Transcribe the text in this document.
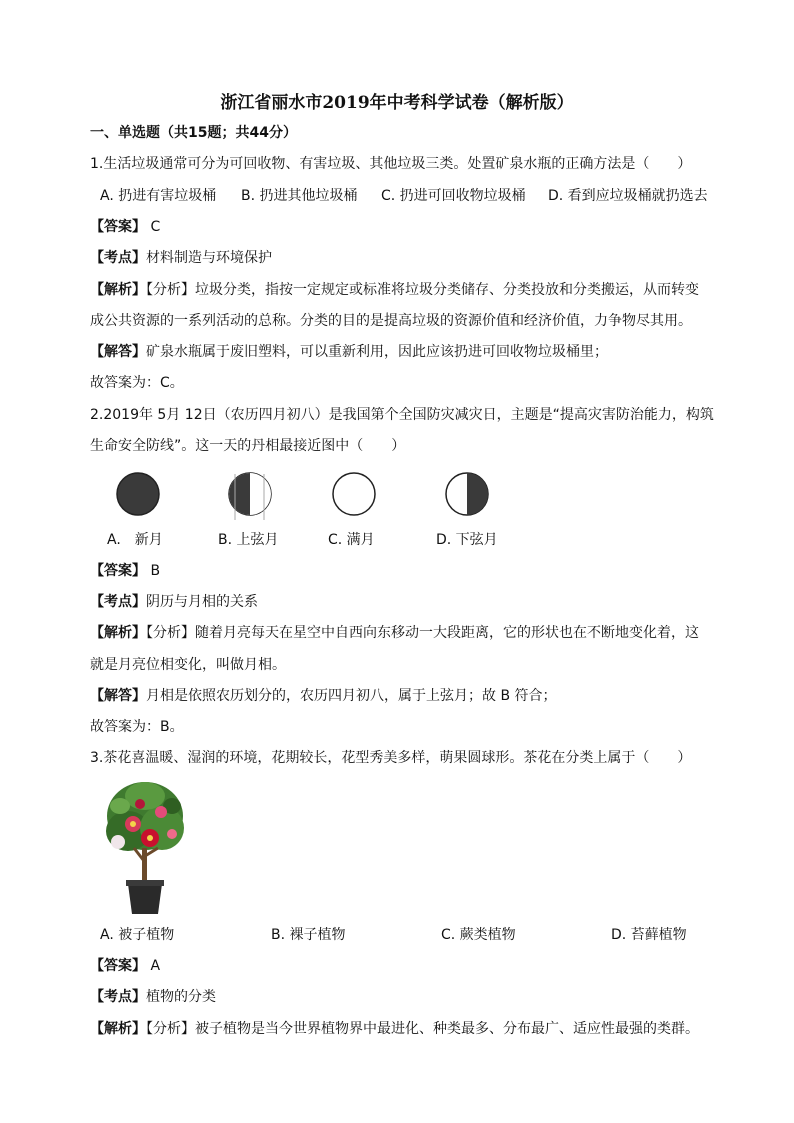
浙江省丽水市2019年中考科学试卷（解析版）
一、单选题（共15题；共44分）
1.生活垃圾通常可分为可回收物、有害垃圾、其他垃圾三类。处置矿泉水瓶的正确方法是（　　）
A. 扔进有害垃圾桶 B. 扔进其他垃圾桶 C. 扔进可回收物垃圾桶 D. 看到应垃圾桶就扔选去
【答案】 C
【考点】材料制造与环境保护
【解析】【分析】垃圾分类，指按一定规定或标准将垃圾分类储存、分类投放和分类搬运，从而转变
成公共资源的一系列活动的总称。分类的目的是提高垃圾的资源价值和经济价值，力争物尽其用。
【解答】矿泉水瓶属于废旧塑料，可以重新利用，因此应该扔进可回收物垃圾桶里；
故答案为：C。
2.2019年 5月 12日（农历四月初八）是我国第个全国防灾减灾日，主题是“提高灾害防治能力，构筑
生命安全防线”。这一天的丹相最接近图中（　　）
A.　新月	B. 上弦月	C. 满月	D. 下弦月
【答案】 B
【考点】阴历与月相的关系
【解析】【分析】随着月亮每天在星空中自西向东移动一大段距离，它的形状也在不断地变化着，这
就是月亮位相变化，叫做月相。
【解答】月相是依照农历划分的，农历四月初八，属于上弦月；故 B 符合；
故答案为：B。
3.茶花喜温暖、湿润的环境，花期较长，花型秀美多样，萌果圆球形。茶花在分类上属于（　　）
A. 被子植物	B. 裸子植物	C. 蕨类植物	D. 苔藓植物
【答案】 A
【考点】植物的分类
【解析】【分析】被子植物是当今世界植物界中最进化、种类最多、分布最广、适应性最强的类群。
